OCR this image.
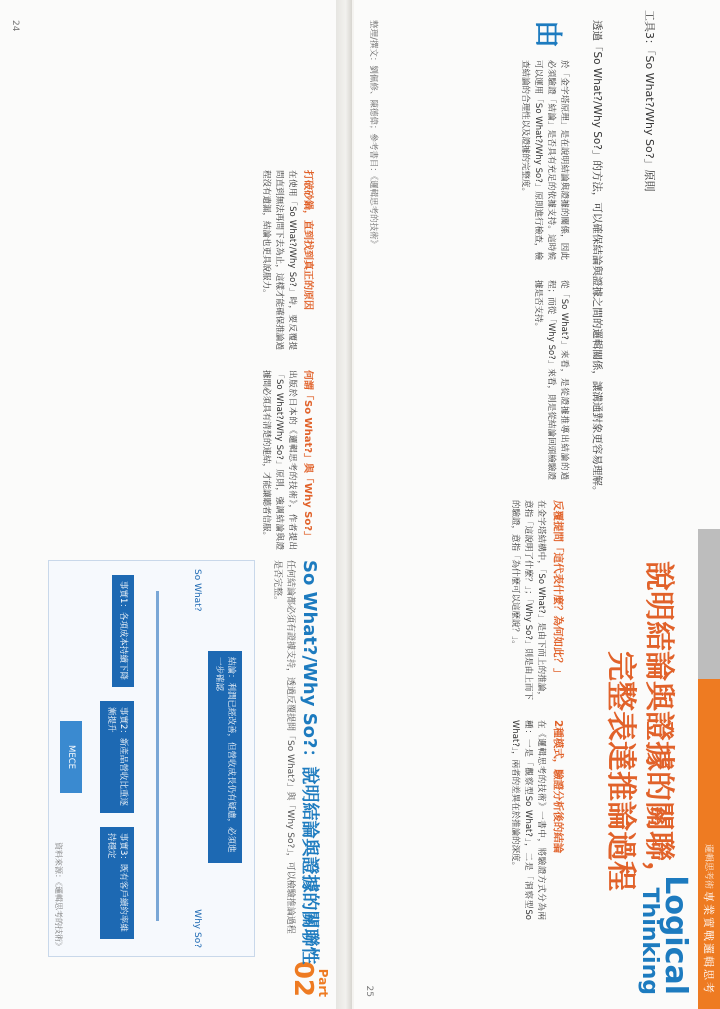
專業實戰邏輯思考
邏輯思考術
Logical
Thinking
工具3：「So What?/Why So?」原則
說明結論與證據的關聯，
完整表達推論過程
透過「So What?/Why So?」的方法，可以確保結論與證據之間的邏輯關係，讓溝通對象更容易理解。
由
於「金字塔原理」是在說明結論與證據的關係，因此必須驗證「結論」是否具有充足的依據支持。這時候可以運用「So What?/Why So?」原則進行檢查，檢查結論的合理性以及證據的完整度。
從「So What?」來看，是從證據推導出結論的過程；而從「Why So?」來看，則是從結論回頭檢驗證據是否支持。
反覆提問「這代表什麼？為何如此？」
在金字塔結構中，「So What?」是由下而上的推論，意指「這說明了什麼？」；「Why So?」則是由上而下的驗證，意指「為什麼可以這麼說？」。
2種模式，驗證分析後的結論
在《邏輯思考的技術》一書中，將驗證方式分為兩種：一是「觀察型So What?」，二是「洞察型So What?」，兩者的差異在於推論的深度。
整理/撰文：劉佩修、陳德偉；參考書目：《邏輯思考的技術》
25
Part
02
So What?/Why So?：說明結論與證據的關聯性
任何結論都必須有證據支持，透過反覆提問「So What?」與「Why So?」，可以檢驗推論過程是否完整。
結論：利潤已經改善，但營收成長仍有疑慮，必須進一步確認
So What?
Why So?
事實1：各項成本持續下降
事實2：新產品營收比重逐漸提升
事實3：既有客戶續約率維持穩定
MECE
資料來源：《邏輯思考的技術》
何謂「So What?」與「Why So?」
出版於日本的《邏輯思考的技術》，作者提出「So What?/Why So?」原則，強調結論與證據間必須具有清楚的連結，才能讓聽者信服。
打破砂鍋，直到找到真正的原因
在使用「So What?/Why So?」時，要反覆提問直到無法再問下去為止，這樣才能確保推論過程沒有遺漏，結論也更具說服力。
24
